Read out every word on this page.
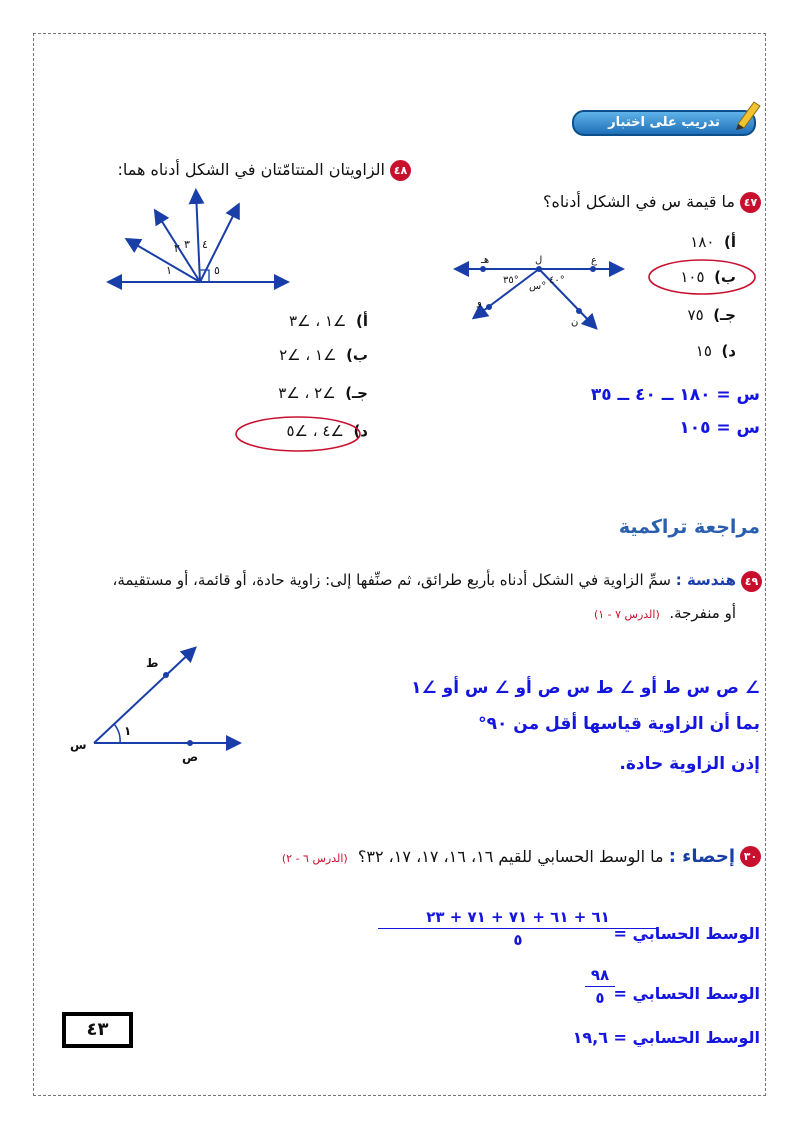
تدريب على اختبار
٤٨
الزاويتان المتتامّتان في الشكل أدناه هما:
١
٢ ٣ ٤
٥
أ)  ∠١ ، ∠٣
ب)  ∠١ ، ∠٢
جـ)  ∠٢ ، ∠٣
د)  ∠٤ ، ∠٥
٤٧
ما قيمة س في الشكل أدناه؟
أ)  ١٨٠
ب)  ١٠٥
جـ)  ٧٥
د)  ١٥
هـ	ل	ع
و
ن
٣٥°	٤٠°
س°
س = ١٨٠ ــ ٤٠ ــ ٣٥
س = ١٠٥
مراجعة تراكمية
٤٩
هندسة : سمِّ الزاوية في الشكل أدناه بأربع طرائق، ثم صنِّفها إلى: زاوية حادة، أو قائمة، أو مستقيمة،
أو منفرجة.  (الدرس ٧ - ١)
∠ ص س ط أو ∠ ط س ص أو ∠ س أو ∠١
بما أن الزاوية قياسها أقل من ٩٠°
إذن الزاوية حادة.
ط
س
ص
١
٣٠
إحصاء : ما الوسط الحسابي للقيم ١٦، ١٦، ١٧، ١٧، ٣٢؟  (الدرس ٦ - ٢)
الوسط الحسابي =
٦١ + ٦١ + ٧١ + ٧١ + ٢٣
٥
الوسط الحسابي =
٩٨
٥
الوسط الحسابي = ١٩,٦
٤٣
